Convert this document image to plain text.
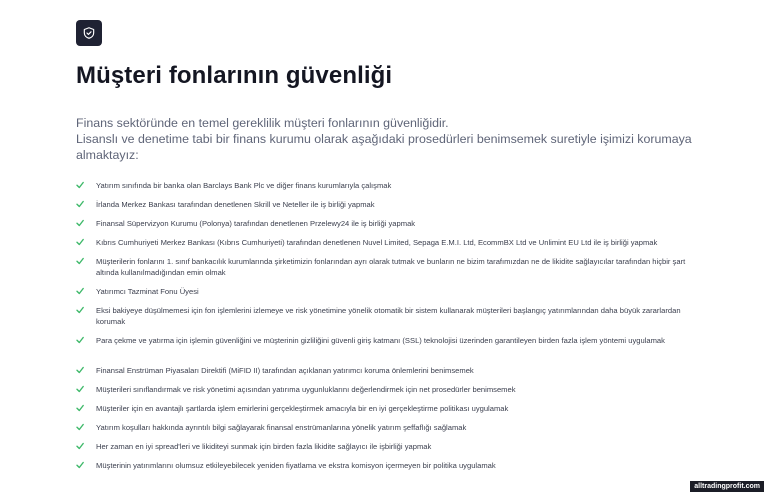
Müşteri fonlarının güvenliği

Finans sektöründe en temel gereklilik müşteri fonlarının güvenliğidir.
Lisanslı ve denetime tabi bir finans kurumu olarak aşağıdaki prosedürleri benimsemek suretiyle işimizi korumaya almaktayız:

Yatırım sınıfında bir banka olan Barclays Bank Plc ve diğer finans kurumlarıyla çalışmak
İrlanda Merkez Bankası tarafından denetlenen Skrill ve Neteller ile iş birliği yapmak
Finansal Süpervizyon Kurumu (Polonya) tarafından denetlenen Przelewy24 ile iş birliği yapmak
Kıbrıs Cumhuriyeti Merkez Bankası (Kıbrıs Cumhuriyeti) tarafından denetlenen Nuvel Limited, Sepaga E.M.I. Ltd, EcommBX Ltd ve Unlimint EU Ltd ile iş birliği yapmak
Müşterilerin fonlarını 1. sınıf bankacılık kurumlarında şirketimizin fonlarından ayrı olarak tutmak ve bunların ne bizim tarafımızdan ne de likidite sağlayıcılar tarafından hiçbir şart altında kullanılmadığından emin olmak
Yatırımcı Tazminat Fonu Üyesi
Eksi bakiyeye düşülmemesi için fon işlemlerini izlemeye ve risk yönetimine yönelik otomatik bir sistem kullanarak müşterileri başlangıç yatırımlarından daha büyük zararlardan korumak
Para çekme ve yatırma için işlemin güvenliğini ve müşterinin gizliliğini güvenli giriş katmanı (SSL) teknolojisi üzerinden garantileyen birden fazla işlem yöntemi uygulamak
Finansal Enstrüman Piyasaları Direktifi (MiFID II) tarafından açıklanan yatırımcı koruma önlemlerini benimsemek
Müşterileri sınıflandırmak ve risk yönetimi açısından yatırıma uygunluklarını değerlendirmek için net prosedürler benimsemek
Müşteriler için en avantajlı şartlarda işlem emirlerini gerçekleştirmek amacıyla bir en iyi gerçekleştirme politikası uygulamak
Yatırım koşulları hakkında ayrıntılı bilgi sağlayarak finansal enstrümanlarına yönelik yatırım şeffaflığı sağlamak
Her zaman en iyi spread'leri ve likiditeyi sunmak için birden fazla likidite sağlayıcı ile işbirliği yapmak
Müşterinin yatırımlarını olumsuz etkileyebilecek yeniden fiyatlama ve ekstra komisyon içermeyen bir politika uygulamak
alltradingprofit.com
